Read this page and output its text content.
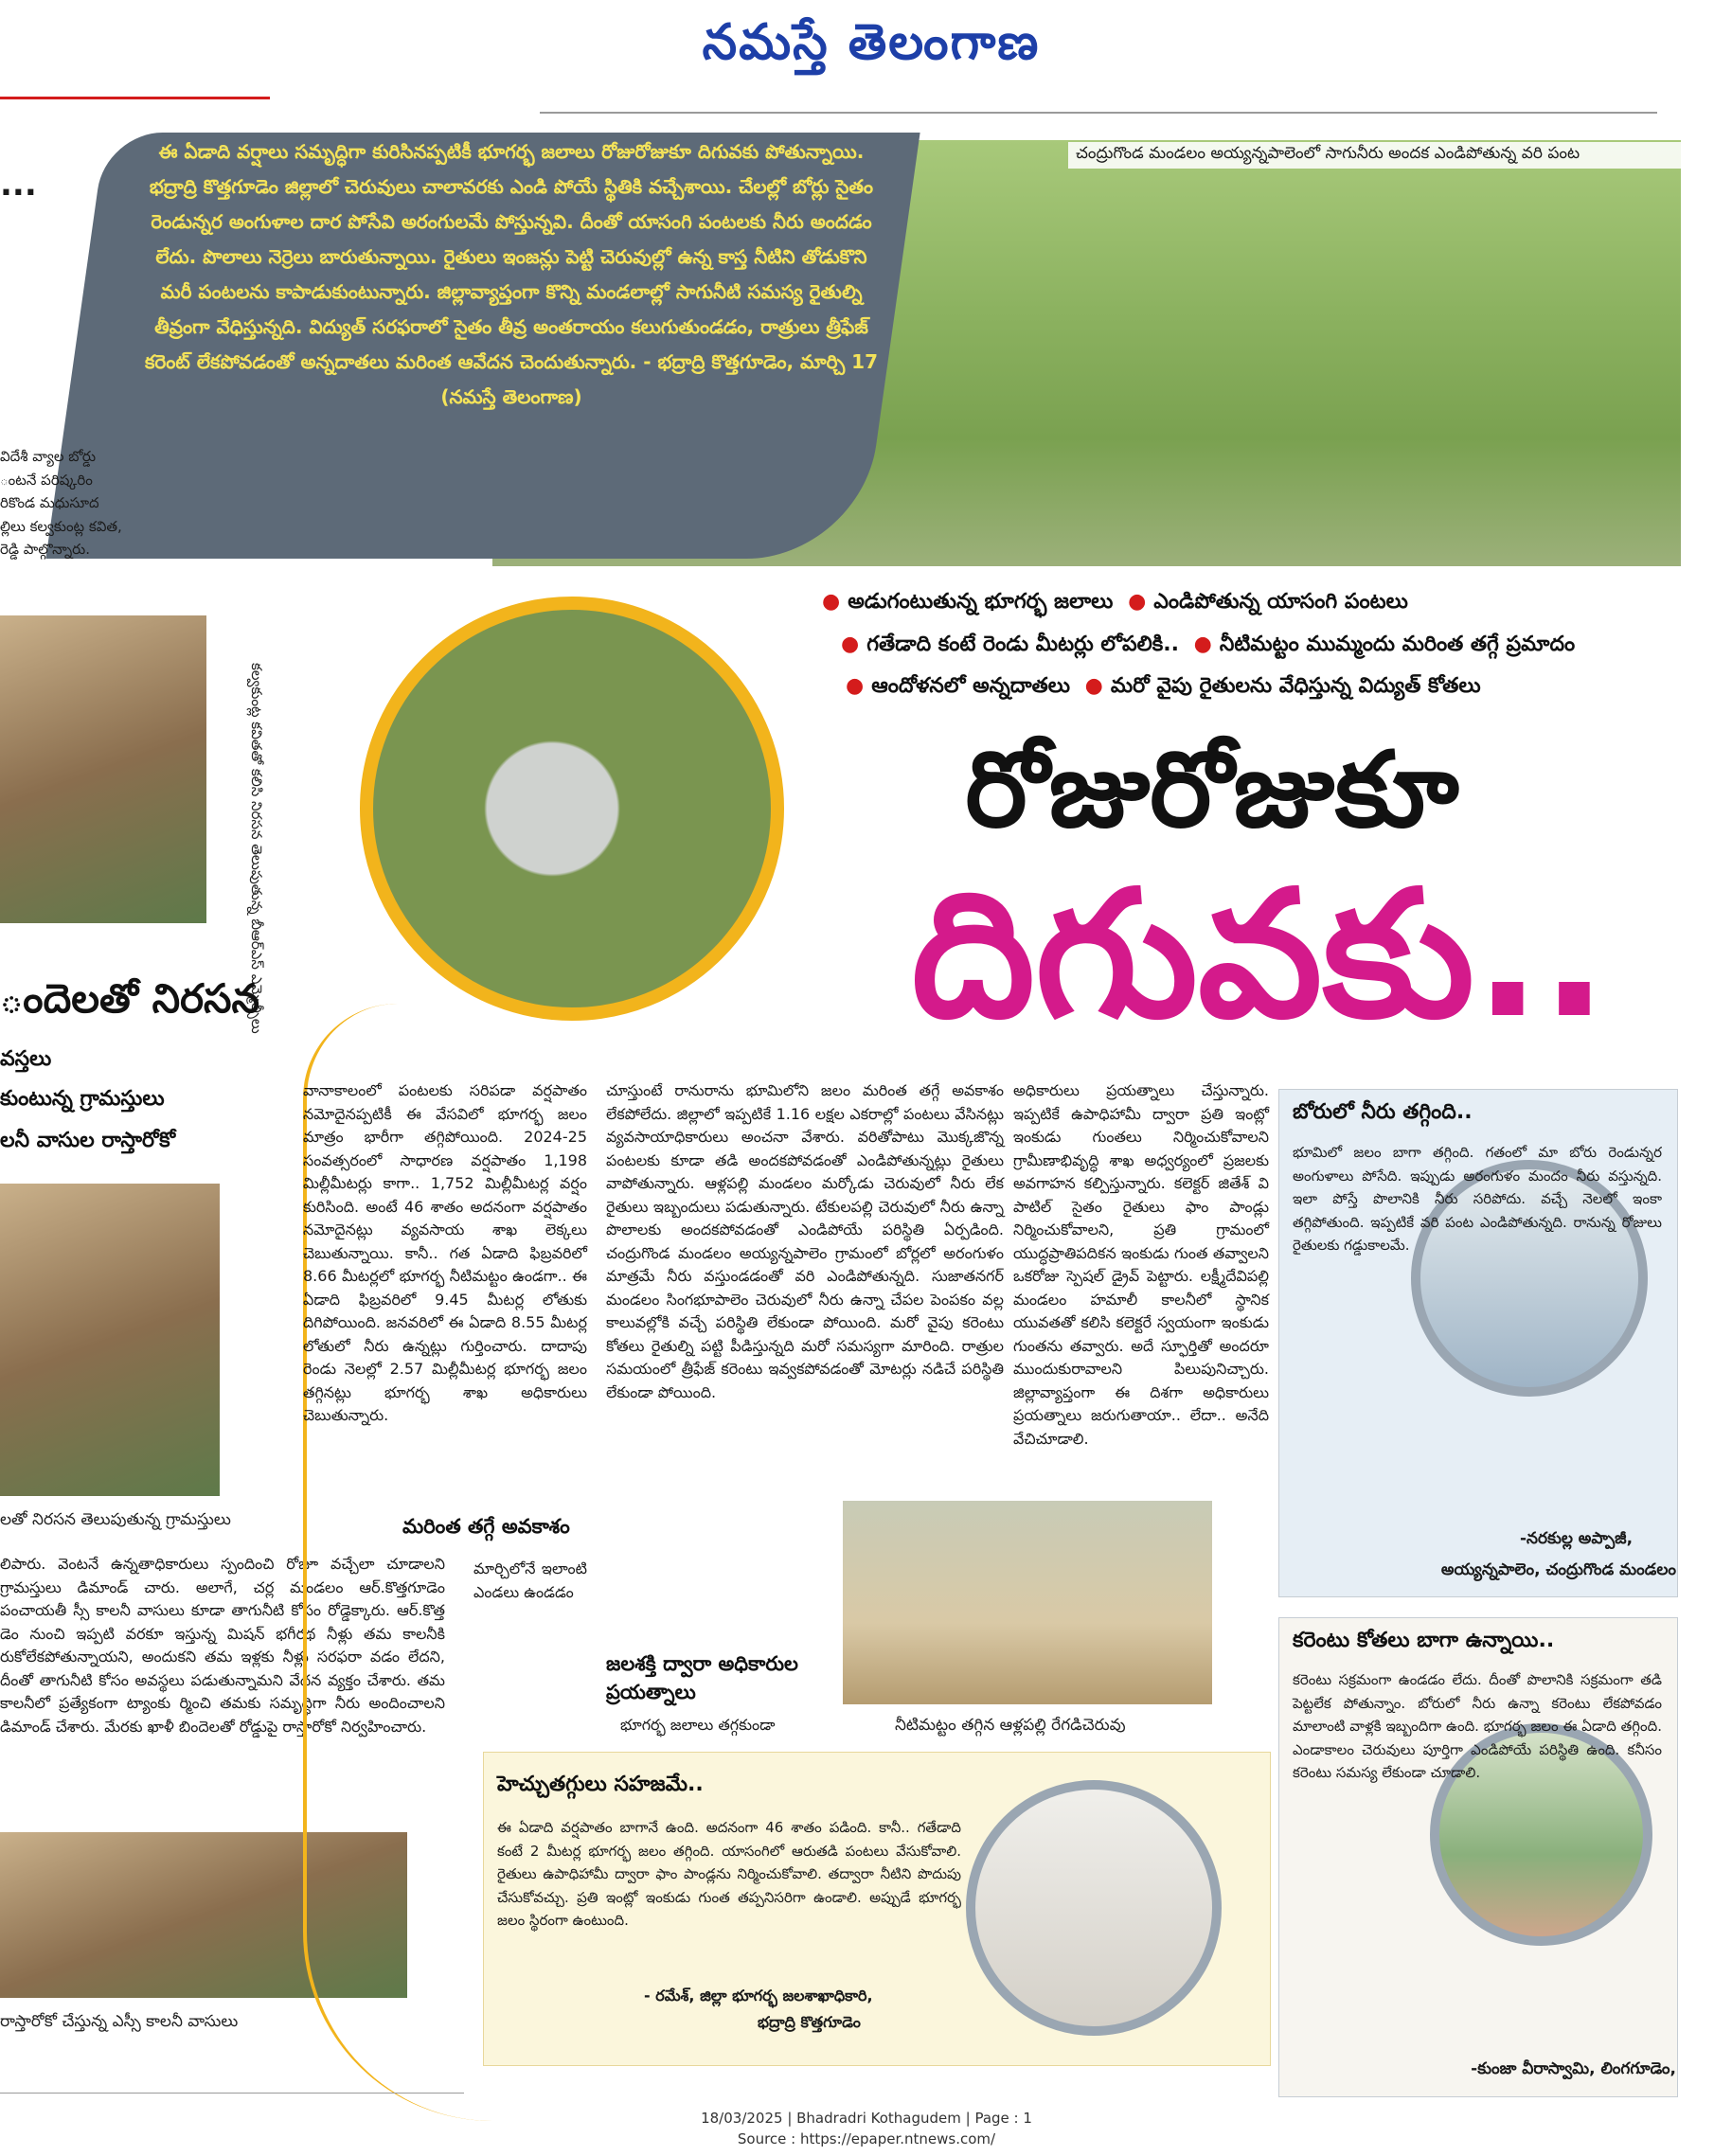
నమస్తే తెలంగాణ
చంద్రుగొండ మండలం అయ్యన్నపాలెంలో సాగునీరు అందక ఎండిపోతున్న వరి పంట
ఈ ఏడాది వర్షాలు సమృద్ధిగా కురిసినప్పటికీ భూగర్భ జలాలు రోజురోజుకూ దిగువకు పోతున్నాయి. భద్రాద్రి కొత్తగూడెం జిల్లాలో చెరువులు చాలావరకు ఎండి పోయే స్థితికి వచ్చేశాయి. చేలల్లో బోర్లు సైతం రెండున్నర అంగుళాల దార పోసేవి అరంగులమే పోస్తున్నవి. దీంతో యాసంగి పంటలకు నీరు అందడం లేదు. పొలాలు నెర్రెలు బారుతున్నాయి. రైతులు ఇంజన్లు పెట్టి చెరువుల్లో ఉన్న కాస్త నీటిని తోడుకొని మరీ పంటలను కాపాడుకుంటున్నారు. జిల్లావ్యాప్తంగా కొన్ని మండలాల్లో సాగునీటి సమస్య రైతుల్ని తీవ్రంగా వేధిస్తున్నది. విద్యుత్ సరఫరాలో సైతం తీవ్ర అంతరాయం కలుగుతుండడం, రాత్రులు త్రీఫేజ్ కరెంట్ లేకపోవడంతో అన్నదాతలు మరింత ఆవేదన చెందుతున్నారు. - భద్రాద్రి కొత్తగూడెం, మార్చి 17 (నమస్తే తెలంగాణ)
...
విదేశీ వ్యాల బోర్డు
ంటనే పరిష్కరిం
రికొండ మధుసూద
ల్లిలు కల్వకుంట్ల కవిత,
రెడ్డి పాల్గొన్నారు.
కల్వకుంట్ల కవితతో కలిసి నిరసన తెలుపుతున్న బీఆర్ఎస్ ఎమ్మెల్సీలు
● అడుగంటుతున్న భూగర్భ జలాలు ● ఎండిపోతున్న యాసంగి పంటలు
● గతేడాది కంటే రెండు మీటర్లు లోపలికి.. ● నీటిమట్టం ముమ్మందు మరింత తగ్గే ప్రమాదం
● ఆందోళనలో అన్నదాతలు ● మరో వైపు రైతులను వేధిస్తున్న విద్యుత్ కోతలు
రోజురోజుకూ
దిగువకు..
ందెలతో నిరసన
వస్తలు
కుంటున్న గ్రామస్తులు
లనీ వాసుల రాస్తారోకో
లతో నిరసన తెలుపుతున్న గ్రామస్తులు
లిపారు. వెంటనే ఉన్నతాధికారులు స్పందించి రోజూ వచ్చేలా చూడాలని గ్రామస్తులు డిమాండ్ చారు. అలాగే, చర్ల మండలం ఆర్.కొత్తగూడెం పంచాయతీ స్సీ కాలనీ వాసులు కూడా తాగునీటి కోసం రోడ్డెక్కారు. ఆర్.కొత్త డెం నుంచి ఇప్పటి వరకూ ఇస్తున్న మిషన్ భగీరథ నీళ్లు తమ కాలనీకి రుకోలేకపోతున్నాయని, అందుకని తమ ఇళ్లకు నీళ్లు సరఫరా వడం లేదని, దీంతో తాగునీటి కోసం అవస్థలు పడుతున్నామని వేదన వ్యక్తం చేశారు. తమ కాలనీలో ప్రత్యేకంగా ట్యాంకు ర్మించి తమకు సమృద్ధిగా నీరు అందించాలని డిమాండ్ చేశారు. మేరకు ఖాళీ బిందెలతో రోడ్డుపై రాస్తారోకో నిర్వహించారు.
రాస్తారోకో చేస్తున్న ఎస్సీ కాలనీ వాసులు
వానాకాలంలో పంటలకు సరిపడా వర్షపాతం నమోదైనప్పటికీ ఈ వేసవిలో భూగర్భ జలం మాత్రం భారీగా తగ్గిపోయింది. 2024-25 సంవత్సరంలో సాధారణ వర్షపాతం 1,198 మిల్లీమీటర్లు కాగా.. 1,752 మిల్లీమీటర్ల వర్షం కురిసింది. అంటే 46 శాతం అదనంగా వర్షపాతం నమోదైనట్లు వ్యవసాయ శాఖ లెక్కలు చెబుతున్నాయి. కానీ.. గత ఏడాది ఫిబ్రవరిలో 8.66 మీటర్లలో భూగర్భ నీటిమట్టం ఉండగా.. ఈ ఏడాది ఫిబ్రవరిలో 9.45 మీటర్ల లోతుకు దిగిపోయింది. జనవరిలో ఈ ఏడాది 8.55 మీటర్ల లోతులో నీరు ఉన్నట్లు గుర్తించారు. దాదాపు రెండు నెలల్లో 2.57 మిల్లీమీటర్ల భూగర్భ జలం తగ్గినట్లు భూగర్భ శాఖ అధికారులు చెబుతున్నారు.
మరింత తగ్గే అవకాశం
మార్చిలోనే ఇలాంటి ఎండలు ఉండడం
చూస్తుంటే రానురాను భూమిలోని జలం మరింత తగ్గే అవకాశం లేకపోలేదు. జిల్లాలో ఇప్పటికే 1.16 లక్షల ఎకరాల్లో పంటలు వేసినట్లు వ్యవసాయాధికారులు అంచనా వేశారు. వరితోపాటు మొక్కజొన్న పంటలకు కూడా తడి అందకపోవడంతో ఎండిపోతున్నట్లు రైతులు వాపోతున్నారు. ఆళ్లపల్లి మండలం మర్కోడు చెరువులో నీరు లేక రైతులు ఇబ్బందులు పడుతున్నారు. టేకులపల్లి చెరువులో నీరు ఉన్నా పొలాలకు అందకపోవడంతో ఎండిపోయే పరిస్థితి ఏర్పడింది. చంద్రుగొండ మండలం అయ్యన్నపాలెం గ్రామంలో బోర్లలో అరంగుళం మాత్రమే నీరు వస్తుండడంతో వరి ఎండిపోతున్నది. సుజాతనగర్ మండలం సింగభూపాలెం చెరువులో నీరు ఉన్నా చేపల పెంపకం వల్ల కాలువల్లోకి వచ్చే పరిస్థితి లేకుండా పోయింది. మరో వైపు కరెంటు కోతలు రైతుల్ని పట్టి పీడిస్తున్నది మరో సమస్యగా మారింది. రాత్రుల సమయంలో త్రీఫేజ్ కరెంటు ఇవ్వకపోవడంతో మోటర్లు నడిచే పరిస్థితి లేకుండా పోయింది.
జలశక్తి ద్వారా అధికారుల ప్రయత్నాలు
భూగర్భ జలాలు తగ్గకుండా
అధికారులు ప్రయత్నాలు చేస్తున్నారు. ఇప్పటికే ఉపాధిహామీ ద్వారా ప్రతి ఇంట్లో ఇంకుడు గుంతలు నిర్మించుకోవాలని గ్రామీణాభివృద్ధి శాఖ అధ్వర్యంలో ప్రజలకు అవగాహన కల్పిస్తున్నారు. కలెక్టర్ జితేశ్ వి పాటిల్ సైతం రైతులు ఫాం పాండ్లు నిర్మించుకోవాలని, ప్రతి గ్రామంలో యుద్ధప్రాతిపదికన ఇంకుడు గుంత తవ్వాలని ఒకరోజు స్పెషల్ డ్రైవ్ పెట్టారు. లక్ష్మీదేవిపల్లి మండలం హమాలీ కాలనీలో స్థానిక యువతతో కలిసి కలెక్టరే స్వయంగా ఇంకుడు గుంతను తవ్వారు. అదే స్ఫూర్తితో అందరూ ముందుకురావాలని పిలుపునిచ్చారు. జిల్లావ్యాప్తంగా ఈ దిశగా అధికారులు ప్రయత్నాలు జరుగుతాయా.. లేదా.. అనేది వేచిచూడాలి.
నీటిమట్టం తగ్గిన ఆళ్లపల్లి రేగడిచెరువు
బోరులో నీరు తగ్గింది..
భూమిలో జలం బాగా తగ్గింది. గతంలో మా బోరు రెండున్నర అంగుళాలు పోసేది. ఇప్పుడు అరంగుళం మందం నీరు వస్తున్నది. ఇలా పోస్తే పొలానికి నీరు సరిపోదు. వచ్చే నెలలో ఇంకా తగ్గిపోతుంది. ఇప్పటికే వరి పంట ఎండిపోతున్నది. రానున్న రోజులు రైతులకు గడ్డుకాలమే.
-నరకుల్ల అప్పాజీ,
అయ్యన్నపాలెం, చంద్రుగొండ మండలం
కరెంటు కోతలు బాగా ఉన్నాయి..
కరెంటు సక్రమంగా ఉండడం లేదు. దీంతో పొలానికి సక్రమంగా తడి పెట్టలేక పోతున్నాం. బోరులో నీరు ఉన్నా కరెంటు లేకపోవడం మాలాంటి వాళ్లకి ఇబ్బందిగా ఉంది. భూగర్భ జలం ఈ ఏడాది తగ్గింది. ఎండాకాలం చెరువులు పూర్తిగా ఎండిపోయే పరిస్థితి ఉంది. కనీసం కరెంటు సమస్య లేకుండా చూడాలి.
-కుంజా వీరాస్వామి, లింగగూడెం,
హెచ్చుతగ్గులు సహజమే..
ఈ ఏడాది వర్షపాతం బాగానే ఉంది. అదనంగా 46 శాతం పడింది. కానీ.. గతేడాది కంటే 2 మీటర్ల భూగర్భ జలం తగ్గింది. యాసంగిలో ఆరుతడి పంటలు వేసుకోవాలి. రైతులు ఉపాధిహామీ ద్వారా ఫాం పాండ్లను నిర్మించుకోవాలి. తద్వారా నీటిని పొదుపు చేసుకోవచ్చు. ప్రతి ఇంట్లో ఇంకుడు గుంత తప్పనిసరిగా ఉండాలి. అప్పుడే భూగర్భ జలం స్థిరంగా ఉంటుంది.
- రమేశ్, జిల్లా భూగర్భ జలశాఖాధికారి,
భద్రాద్రి కొత్తగూడెం
18/03/2025 | Bhadradri Kothagudem | Page : 1
Source : https://epaper.ntnews.com/
